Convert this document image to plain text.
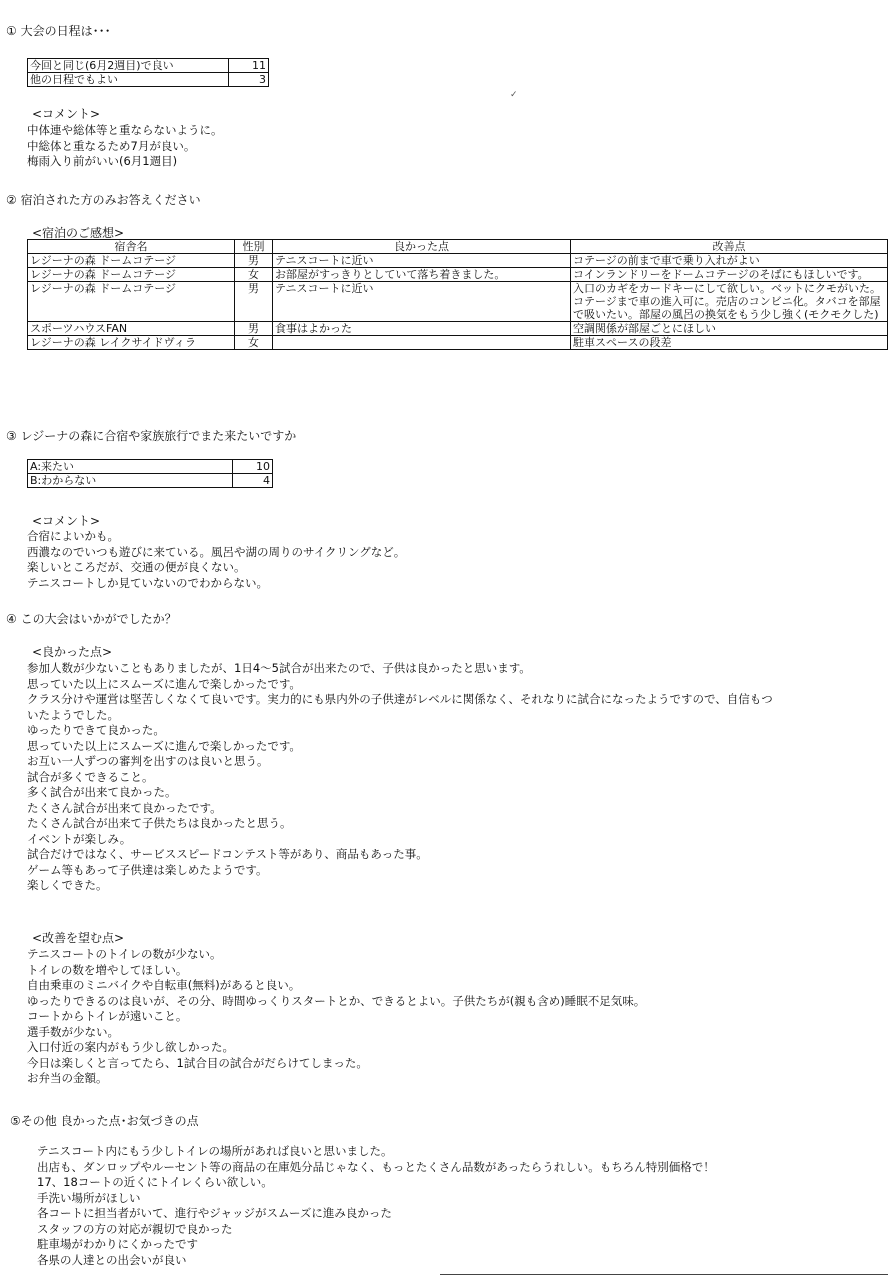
① 大会の日程は･･･
今回と同じ(6月2週目)で良い	11
他の日程でもよい	3
✓
<コメント>
中体連や総体等と重ならないように。
中総体と重なるため7月が良い。
梅雨入り前がいい(6月1週目)
② 宿泊された方のみお答えください
<宿泊のご感想>
宿舎名	性別	良かった点	改善点
レジーナの森 ドームコテージ	男	テニスコートに近い	コテージの前まで車で乗り入れがよい
レジーナの森 ドームコテージ	女	お部屋がすっきりとしていて落ち着きました。	コインランドリーをドームコテージのそばにもほしいです。
レジーナの森 ドームコテージ	男	テニスコートに近い	入口のカギをカードキーにして欲しい。ベットにクモがいた。コテージまで車の進入可に。売店のコンビニ化。タバコを部屋で吸いたい。部屋の風呂の換気をもう少し強く(モクモクした)
スポーツハウスFAN	男	食事はよかった	空調関係が部屋ごとにほしい
レジーナの森 レイクサイドヴィラ	女		駐車スペースの段差
③ レジーナの森に合宿や家族旅行でまた来たいですか
A:来たい	10
B:わからない	4
<コメント>
合宿によいかも。
西濃なのでいつも遊びに来ている。風呂や湖の周りのサイクリングなど。
楽しいところだが、交通の便が良くない。
テニスコートしか見ていないのでわからない。
④ この大会はいかがでしたか？
<良かった点>
参加人数が少ないこともありましたが、1日4～5試合が出来たので、子供は良かったと思います。
思っていた以上にスムーズに進んで楽しかったです。
クラス分けや運営は堅苦しくなくて良いです。実力的にも県内外の子供達がレベルに関係なく、それなりに試合になったようですので、自信もつ
いたようでした。
ゆったりできて良かった。
思っていた以上にスムーズに進んで楽しかったです。
お互い一人ずつの審判を出すのは良いと思う。
試合が多くできること。
多く試合が出来て良かった。
たくさん試合が出来て良かったです。
たくさん試合が出来て子供たちは良かったと思う。
イベントが楽しみ。
試合だけではなく、サービススピードコンテスト等があり、商品もあった事。
ゲーム等もあって子供達は楽しめたようです。
楽しくできた。
<改善を望む点>
テニスコートのトイレの数が少ない。
トイレの数を増やしてほしい。
自由乗車のミニバイクや自転車(無料)があると良い。
ゆったりできるのは良いが、その分、時間ゆっくりスタートとか、できるとよい。子供たちが(親も含め)睡眠不足気味。
コートからトイレが遠いこと。
選手数が少ない。
入口付近の案内がもう少し欲しかった。
今日は楽しくと言ってたら、1試合目の試合がだらけてしまった。
お弁当の金額。
⑤その他 良かった点･お気づきの点
テニスコート内にもう少しトイレの場所があれば良いと思いました。
出店も、ダンロップやルーセント等の商品の在庫処分品じゃなく、もっとたくさん品数があったらうれしい。もちろん特別価格で！
17、18コートの近くにトイレくらい欲しい。
手洗い場所がほしい
各コートに担当者がいて、進行やジャッジがスムーズに進み良かった
スタッフの方の対応が親切で良かった
駐車場がわかりにくかったです
各県の人達との出会いが良い
